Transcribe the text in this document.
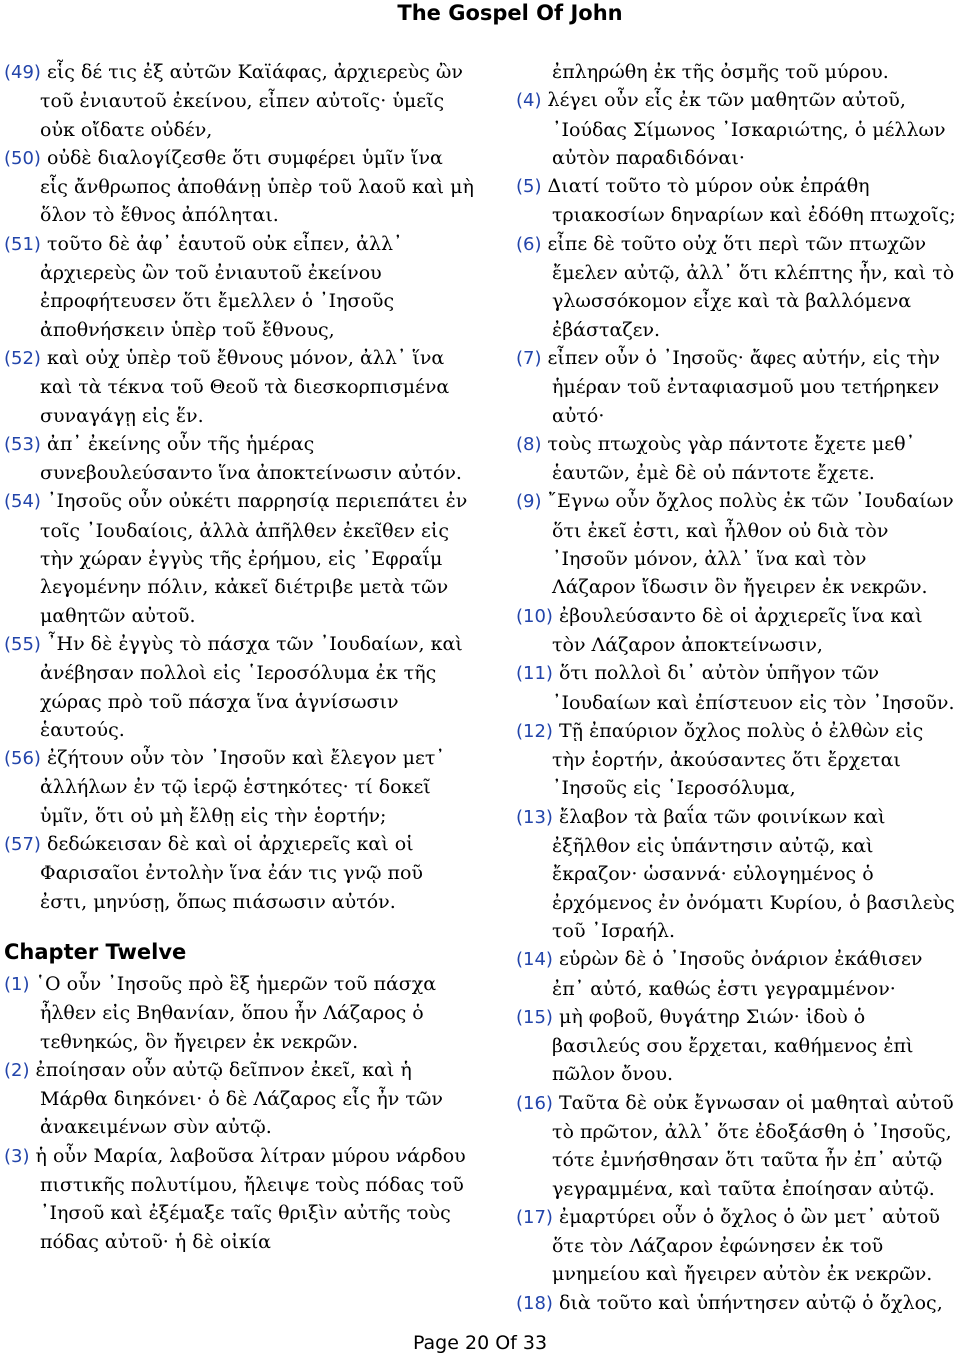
The Gospel Of John
(49) εἷς δέ τις ἐξ αὐτῶν Καϊάφας, ἀρχιερεὺς ὢν τοῦ ἐνιαυτοῦ ἐκείνου, εἶπεν αὐτοῖς· ὑμεῖς οὐκ οἴδατε οὐδέν,
(50) οὐδὲ διαλογίζεσθε ὅτι συμφέρει ὑμῖν ἵνα εἷς ἄνθρωπος ἀποθάνῃ ὑπὲρ τοῦ λαοῦ καὶ μὴ ὅλον τὸ ἔθνος ἀπόληται.
(51) τοῦτο δὲ ἀφ᾽ ἑαυτοῦ οὐκ εἶπεν, ἀλλ᾽ ἀρχιερεὺς ὢν τοῦ ἐνιαυτοῦ ἐκείνου ἐπροφήτευσεν ὅτι ἔμελλεν ὁ ᾿Ιησοῦς ἀποθνήσκειν ὑπὲρ τοῦ ἔθνους,
(52) καὶ οὐχ ὑπὲρ τοῦ ἔθνους μόνον, ἀλλ᾽ ἵνα καὶ τὰ τέκνα τοῦ Θεοῦ τὰ διεσκορπισμένα συναγάγῃ εἰς ἕν.
(53) ἀπ᾽ ἐκείνης οὖν τῆς ἡμέρας συνεβουλεύσαντο ἵνα ἀποκτείνωσιν αὐτόν.
(54) ᾿Ιησοῦς οὖν οὐκέτι παρρησίᾳ περιεπάτει ἐν τοῖς ᾿Ιουδαίοις, ἀλλὰ ἀπῆλθεν ἐκεῖθεν εἰς τὴν χώραν ἐγγὺς τῆς ἐρήμου, εἰς ᾿Εφραΐμ λεγομένην πόλιν, κἀκεῖ διέτριβε μετὰ τῶν μαθητῶν αὐτοῦ.
(55) ῏Ην δὲ ἐγγὺς τὸ πάσχα τῶν ᾿Ιουδαίων, καὶ ἀνέβησαν πολλοὶ εἰς ῾Ιεροσόλυμα ἐκ τῆς χώρας πρὸ τοῦ πάσχα ἵνα ἁγνίσωσιν ἑαυτούς.
(56) ἐζήτουν οὖν τὸν ᾿Ιησοῦν καὶ ἔλεγον μετ᾽ ἀλλήλων ἐν τῷ ἱερῷ ἑστηκότες· τί δοκεῖ ὑμῖν, ὅτι οὐ μὴ ἔλθῃ εἰς τὴν ἑορτήν;
(57) δεδώκεισαν δὲ καὶ οἱ ἀρχιερεῖς καὶ οἱ Φαρισαῖοι ἐντολὴν ἵνα ἐάν τις γνῷ ποῦ ἐστι, μηνύσῃ, ὅπως πιάσωσιν αὐτόν.
Chapter Twelve
(1) ῾Ο οὖν ᾿Ιησοῦς πρὸ ἓξ ἡμερῶν τοῦ πάσχα ἦλθεν εἰς Βηθανίαν, ὅπου ἦν Λάζαρος ὁ τεθνηκώς, ὃν ἤγειρεν ἐκ νεκρῶν.
(2) ἐποίησαν οὖν αὐτῷ δεῖπνον ἐκεῖ, καὶ ἡ Μάρθα διηκόνει· ὁ δὲ Λάζαρος εἷς ἦν τῶν ἀνακειμένων σὺν αὐτῷ.
(3) ἡ οὖν Μαρία, λαβοῦσα λίτραν μύρου νάρδου πιστικῆς πολυτίμου, ἤλειψε τοὺς πόδας τοῦ ᾿Ιησοῦ καὶ ἐξέμαξε ταῖς θριξὶν αὐτῆς τοὺς πόδας αὐτοῦ· ἡ δὲ οἰκία
ἐπληρώθη ἐκ τῆς ὀσμῆς τοῦ μύρου.
(4) λέγει οὖν εἷς ἐκ τῶν μαθητῶν αὐτοῦ, ᾿Ιούδας Σίμωνος ᾿Ισκαριώτης, ὁ μέλλων αὐτὸν παραδιδόναι·
(5) Διατί τοῦτο τὸ μύρον οὐκ ἐπράθη τριακοσίων δηναρίων καὶ ἐδόθη πτωχοῖς;
(6) εἶπε δὲ τοῦτο οὐχ ὅτι περὶ τῶν πτωχῶν ἔμελεν αὐτῷ, ἀλλ᾽ ὅτι κλέπτης ἦν, καὶ τὸ γλωσσόκομον εἶχε καὶ τὰ βαλλόμενα ἐβάσταζεν.
(7) εἶπεν οὖν ὁ ᾿Ιησοῦς· ἄφες αὐτήν, εἰς τὴν ἡμέραν τοῦ ἐνταφιασμοῦ μου τετήρηκεν αὐτό·
(8) τοὺς πτωχοὺς γὰρ πάντοτε ἔχετε μεθ᾽ ἑαυτῶν, ἐμὲ δὲ οὐ πάντοτε ἔχετε.
(9) ῎Εγνω οὖν ὄχλος πολὺς ἐκ τῶν ᾿Ιουδαίων ὅτι ἐκεῖ ἐστι, καὶ ἦλθον οὐ διὰ τὸν ᾿Ιησοῦν μόνον, ἀλλ᾽ ἵνα καὶ τὸν Λάζαρον ἴδωσιν ὃν ἤγειρεν ἐκ νεκρῶν.
(10) ἐβουλεύσαντο δὲ οἱ ἀρχιερεῖς ἵνα καὶ τὸν Λάζαρον ἀποκτείνωσιν,
(11) ὅτι πολλοὶ δι᾽ αὐτὸν ὑπῆγον τῶν ᾿Ιουδαίων καὶ ἐπίστευον εἰς τὸν ᾿Ιησοῦν.
(12) Τῇ ἐπαύριον ὄχλος πολὺς ὁ ἐλθὼν εἰς τὴν ἑορτήν, ἀκούσαντες ὅτι ἔρχεται ᾿Ιησοῦς εἰς ῾Ιεροσόλυμα,
(13) ἔλαβον τὰ βαΐα τῶν φοινίκων καὶ ἐξῆλθον εἰς ὑπάντησιν αὐτῷ, καὶ ἔκραζον· ὡσαννά· εὐλογημένος ὁ ἐρχόμενος ἐν ὀνόματι Κυρίου, ὁ βασιλεὺς τοῦ ᾿Ισραήλ.
(14) εὑρὼν δὲ ὁ ᾿Ιησοῦς ὀνάριον ἐκάθισεν ἐπ᾽ αὐτό, καθώς ἐστι γεγραμμένον·
(15) μὴ φοβοῦ, θυγάτηρ Σιών· ἰδοὺ ὁ βασιλεύς σου ἔρχεται, καθήμενος ἐπὶ πῶλον ὄνου.
(16) Ταῦτα δὲ οὐκ ἔγνωσαν οἱ μαθηταὶ αὐτοῦ τὸ πρῶτον, ἀλλ᾽ ὅτε ἐδοξάσθη ὁ ᾿Ιησοῦς, τότε ἐμνήσθησαν ὅτι ταῦτα ἦν ἐπ᾽ αὐτῷ γεγραμμένα, καὶ ταῦτα ἐποίησαν αὐτῷ.
(17) ἐμαρτύρει οὖν ὁ ὄχλος ὁ ὢν μετ᾽ αὐτοῦ ὅτε τὸν Λάζαρον ἐφώνησεν ἐκ τοῦ μνημείου καὶ ἤγειρεν αὐτὸν ἐκ νεκρῶν.
(18) διὰ τοῦτο καὶ ὑπήντησεν αὐτῷ ὁ ὄχλος,
Page 20 Of 33
